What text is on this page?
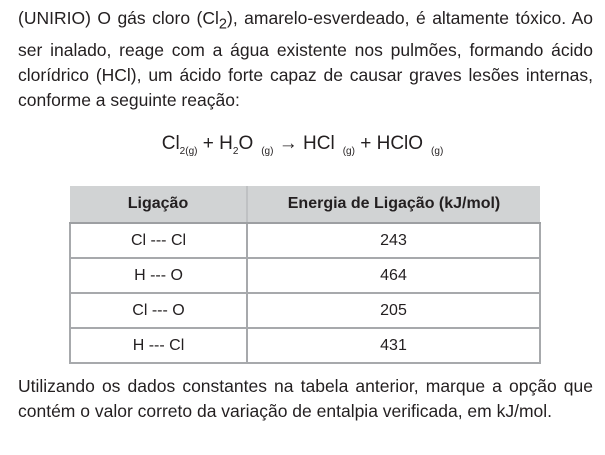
(UNIRIO) O gás cloro $(Cl_2)$, amarelo-esverdeado, é altamente tóxico. Ao ser inalado, reage com a água existente nos pulmões, formando ácido clorídrico (HCl), um ácido forte capaz de causar graves lesões internas, conforme a seguinte reação:

$Cl_{2(g)} + H_2O$ $_{(g)}$ → HCl $_{(g)}$ + HClO $_{(g)}$
Ligação	Energia de Ligação (kJ/mol)
Cl --- Cl	243
H --- O	464
Cl --- O	205
H --- Cl	431

Utilizando os dados constantes na tabela anterior, marque a opção que contém o valor correto da variação de entalpia verificada, em kJ/mol.
